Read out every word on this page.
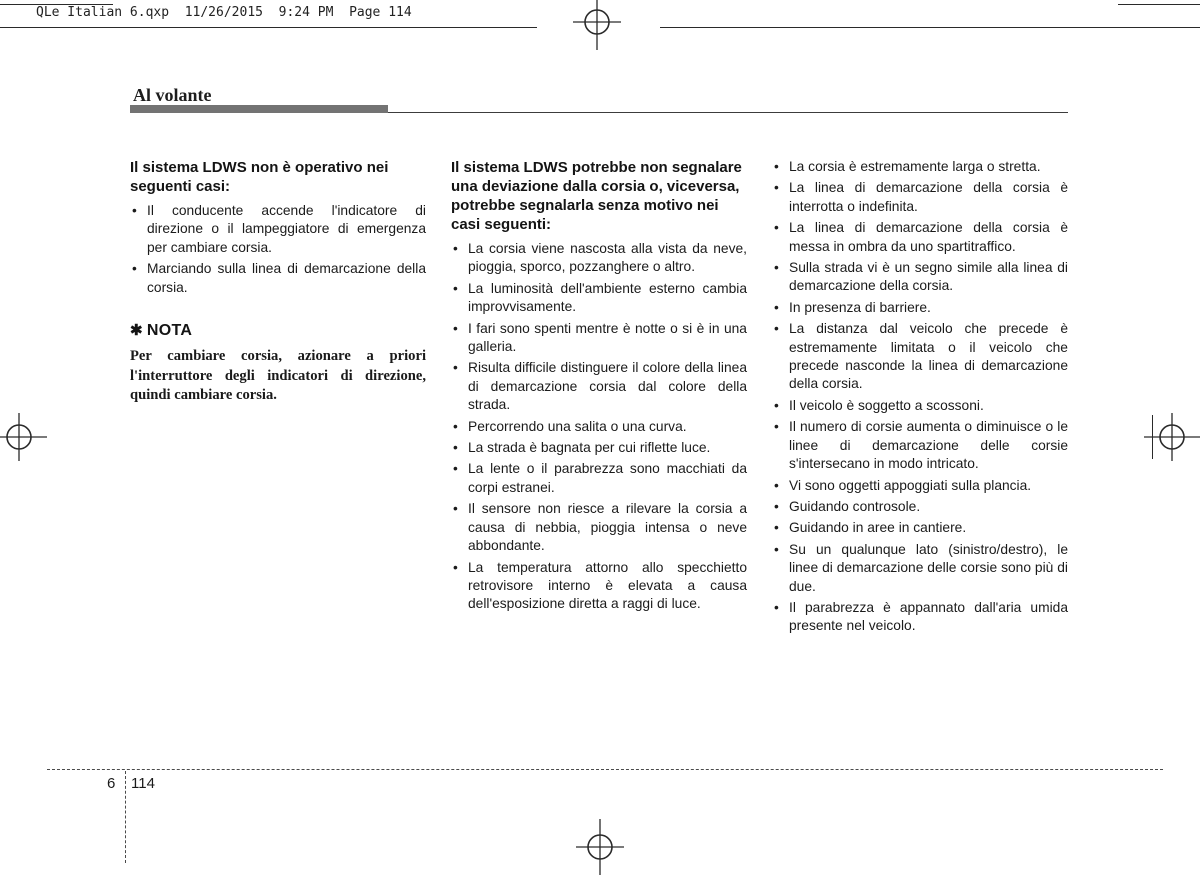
QLe Italian 6.qxp  11/26/2015  9:24 PM  Page 114
Al volante
Il sistema LDWS non è operativo nei seguenti casi:
• Il conducente accende l'indicatore di direzione o il lampeggiatore di emergenza per cambiare corsia.
• Marciando sulla linea di demarcazione della corsia.
✱ NOTA

Per cambiare corsia, azionare a priori l'interruttore degli indicatori di direzione, quindi cambiare corsia.

Il sistema LDWS potrebbe non segnalare una deviazione dalla corsia o, viceversa, potrebbe segnalarla senza motivo nei casi seguenti:
• La corsia viene nascosta alla vista da neve, pioggia, sporco, pozzanghere o altro.
• La luminosità dell'ambiente esterno cambia improvvisamente.
• I fari sono spenti mentre è notte o si è in una galleria.
• Risulta difficile distinguere il colore della linea di demarcazione corsia dal colore della strada.
• Percorrendo una salita o una curva.
• La strada è bagnata per cui riflette luce.
• La lente o il parabrezza sono macchiati da corpi estranei.
• Il sensore non riesce a rilevare la corsia a causa di nebbia, pioggia intensa o neve abbondante.
• La temperatura attorno allo specchietto retrovisore interno è elevata a causa dell'esposizione diretta a raggi di luce.
• La corsia è estremamente larga o stretta.
• La linea di demarcazione della corsia è interrotta o indefinita.
• La linea di demarcazione della corsia è messa in ombra da uno spartitraffico.
• Sulla strada vi è un segno simile alla linea di demarcazione della corsia.
• In presenza di barriere.
• La distanza dal veicolo che precede è estremamente limitata o il veicolo che precede nasconde la linea di demarcazione della corsia.
• Il veicolo è soggetto a scossoni.
• Il numero di corsie aumenta o diminuisce o le linee di demarcazione delle corsie s'intersecano in modo intricato.
• Vi sono oggetti appoggiati sulla plancia.
• Guidando controsole.
• Guidando in aree in cantiere.
• Su un qualunque lato (sinistro/destro), le linee di demarcazione delle corsie sono più di due.
• Il parabrezza è appannato dall'aria umida presente nel veicolo.
6 114
